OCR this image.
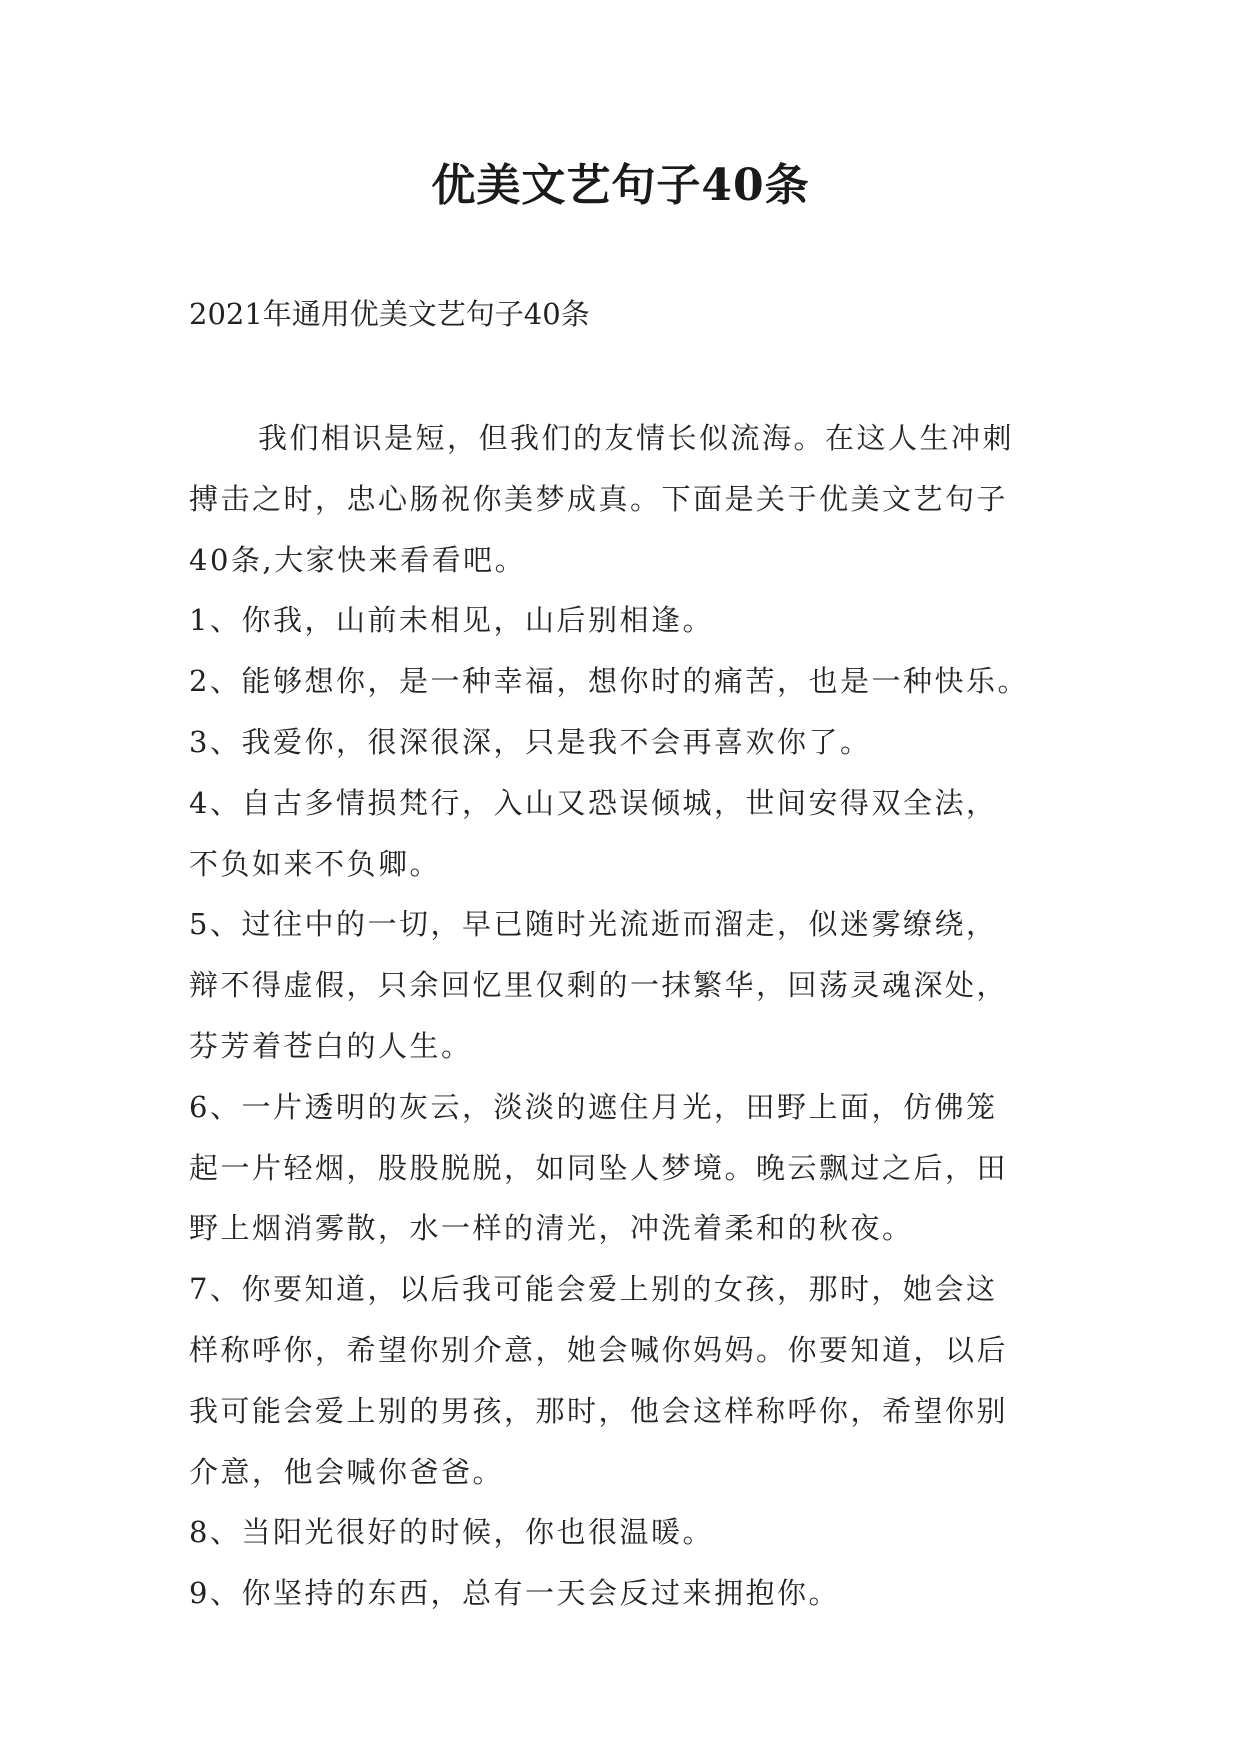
优美文艺句子40条
2021年通用优美文艺句子40条
我们相识是短，但我们的友情长似流海。在这人生冲刺
搏击之时，忠心肠祝你美梦成真。下面是关于优美文艺句子
40条,大家快来看看吧。
1、你我，山前未相见，山后别相逢。
2、能够想你，是一种幸福，想你时的痛苦，也是一种快乐。
3、我爱你，很深很深，只是我不会再喜欢你了。
4、自古多情损梵行，入山又恐误倾城，世间安得双全法，
不负如来不负卿。
5、过往中的一切，早已随时光流逝而溜走，似迷雾缭绕，
辩不得虚假，只余回忆里仅剩的一抹繁华，回荡灵魂深处，
芬芳着苍白的人生。
6、一片透明的灰云，淡淡的遮住月光，田野上面，仿佛笼
起一片轻烟，股股脱脱，如同坠人梦境。晚云飘过之后，田
野上烟消雾散，水一样的清光，冲洗着柔和的秋夜。
7、你要知道，以后我可能会爱上别的女孩，那时，她会这
样称呼你，希望你别介意，她会喊你妈妈。你要知道，以后
我可能会爱上别的男孩，那时，他会这样称呼你，希望你别
介意，他会喊你爸爸。
8、当阳光很好的时候，你也很温暖。
9、你坚持的东西，总有一天会反过来拥抱你。
